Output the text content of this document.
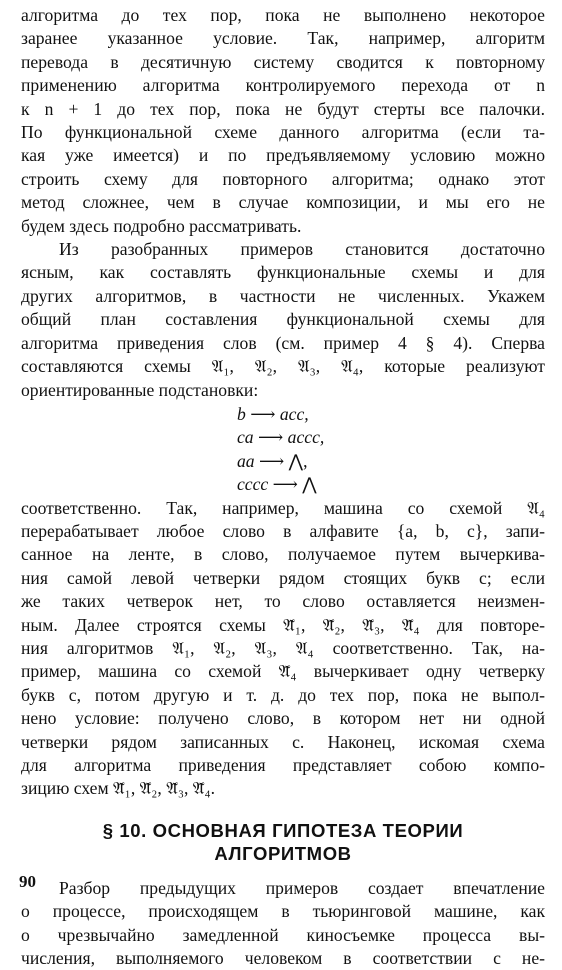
алгоритма до тех пор, пока не выполнено некоторое
заранее указанное условие. Так, например, алгоритм
перевода в десятичную систему сводится к повторному
применению алгоритма контролируемого перехода от n
к n + 1 до тех пор, пока не будут стерты все палочки.
По функциональной схеме данного алгоритма (если та-
кая уже имеется) и по предъявляемому условию можно
строить схему для повторного алгоритма; однако этот
метод сложнее, чем в случае композиции, и мы его не
будем здесь подробно рассматривать.
Из разобранных примеров становится достаточно
ясным, как составлять функциональные схемы и для
других алгоритмов, в частности не численных. Укажем
общий план составления функциональной схемы для
алгоритма приведения слов (см. пример 4 § 4). Сперва
составляются схемы 𝔄₁, 𝔄₂, 𝔄₃, 𝔄₄, которые реализуют
ориентированные подстановки:
b ⟶ acc,
ca ⟶ accc,
aa ⟶ ⋀,
cccc ⟶ ⋀
соответственно. Так, например, машина со схемой 𝔄₄
перерабатывает любое слово в алфавите {a, b, c}, запи-
санное на ленте, в слово, получаемое путем вычеркива-
ния самой левой четверки рядом стоящих букв c; если
же таких четверок нет, то слово оставляется неизмен-
ным. Далее строятся схемы 𝔄̃₁, 𝔄̃₂, 𝔄̃₃, 𝔄̃₄ для повторе-
ния алгоритмов 𝔄₁, 𝔄₂, 𝔄₃, 𝔄₄ соответственно. Так, на-
пример, машина со схемой 𝔄̃₄ вычеркивает одну четверку
букв c, потом другую и т. д. до тех пор, пока не выпол-
нено условие: получено слово, в котором нет ни одной
четверки рядом записанных c. Наконец, искомая схема
для алгоритма приведения представляет собою компо-
зицию схем 𝔄̃₁, 𝔄̃₂, 𝔄̃₃, 𝔄̃₄.
§ 10. ОСНОВНАЯ ГИПОТЕЗА ТЕОРИИ
АЛГОРИТМОВ
Разбор предыдущих примеров создает впечатление
о процессе, происходящем в тьюринговой машине, как
о чрезвычайно замедленной киносъемке процесса вы-
числения, выполняемого человеком в соответствии с не-
90
